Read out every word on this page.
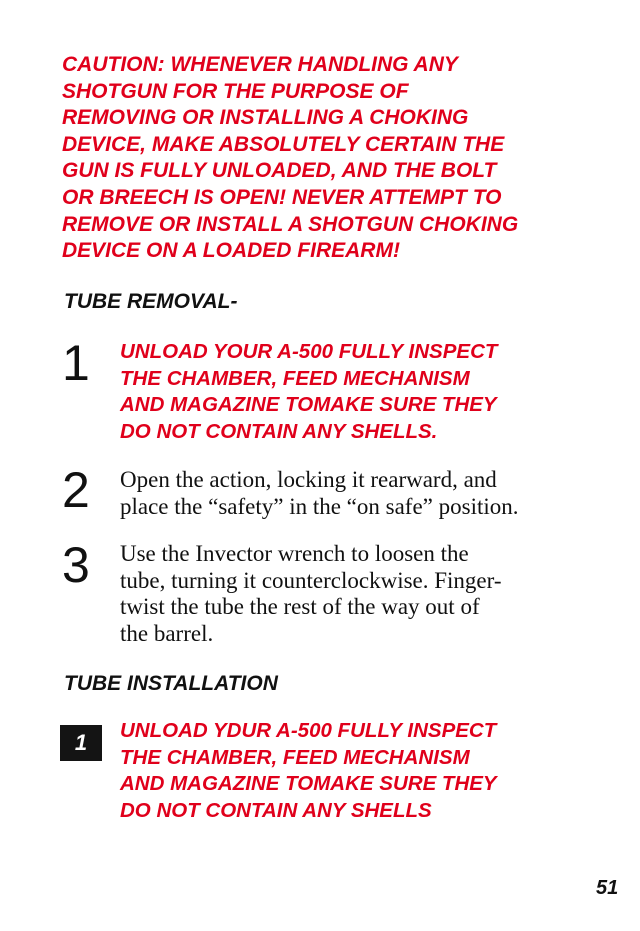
CAUTION: WHENEVER HANDLING ANY
SHOTGUN FOR THE PURPOSE OF
REMOVING OR INSTALLING A CHOKING
DEVICE, MAKE ABSOLUTELY CERTAIN THE
GUN IS FULLY UNLOADED, AND THE BOLT
OR BREECH IS OPEN! NEVER ATTEMPT TO
REMOVE OR INSTALL A SHOTGUN CHOKING
DEVICE ON A LOADED FIREARM!
TUBE REMOVAL-
1 UNLOAD YOUR A-500 FULLY INSPECT
THE CHAMBER, FEED MECHANISM
AND MAGAZINE TOMAKE SURE THEY
DO NOT CONTAIN ANY SHELLS.
2 Open the action, locking it rearward, and
place the “safety” in the “on safe” position.
3 Use the Invector wrench to loosen the
tube, turning it counterclockwise. Finger-
twist the tube the rest of the way out of
the barrel.
TUBE INSTALLATION
1	UNLOAD YDUR A-500 FULLY INSPECT
THE CHAMBER, FEED MECHANISM
AND MAGAZINE TOMAKE SURE THEY
DO NOT CONTAIN ANY SHELLS
51
